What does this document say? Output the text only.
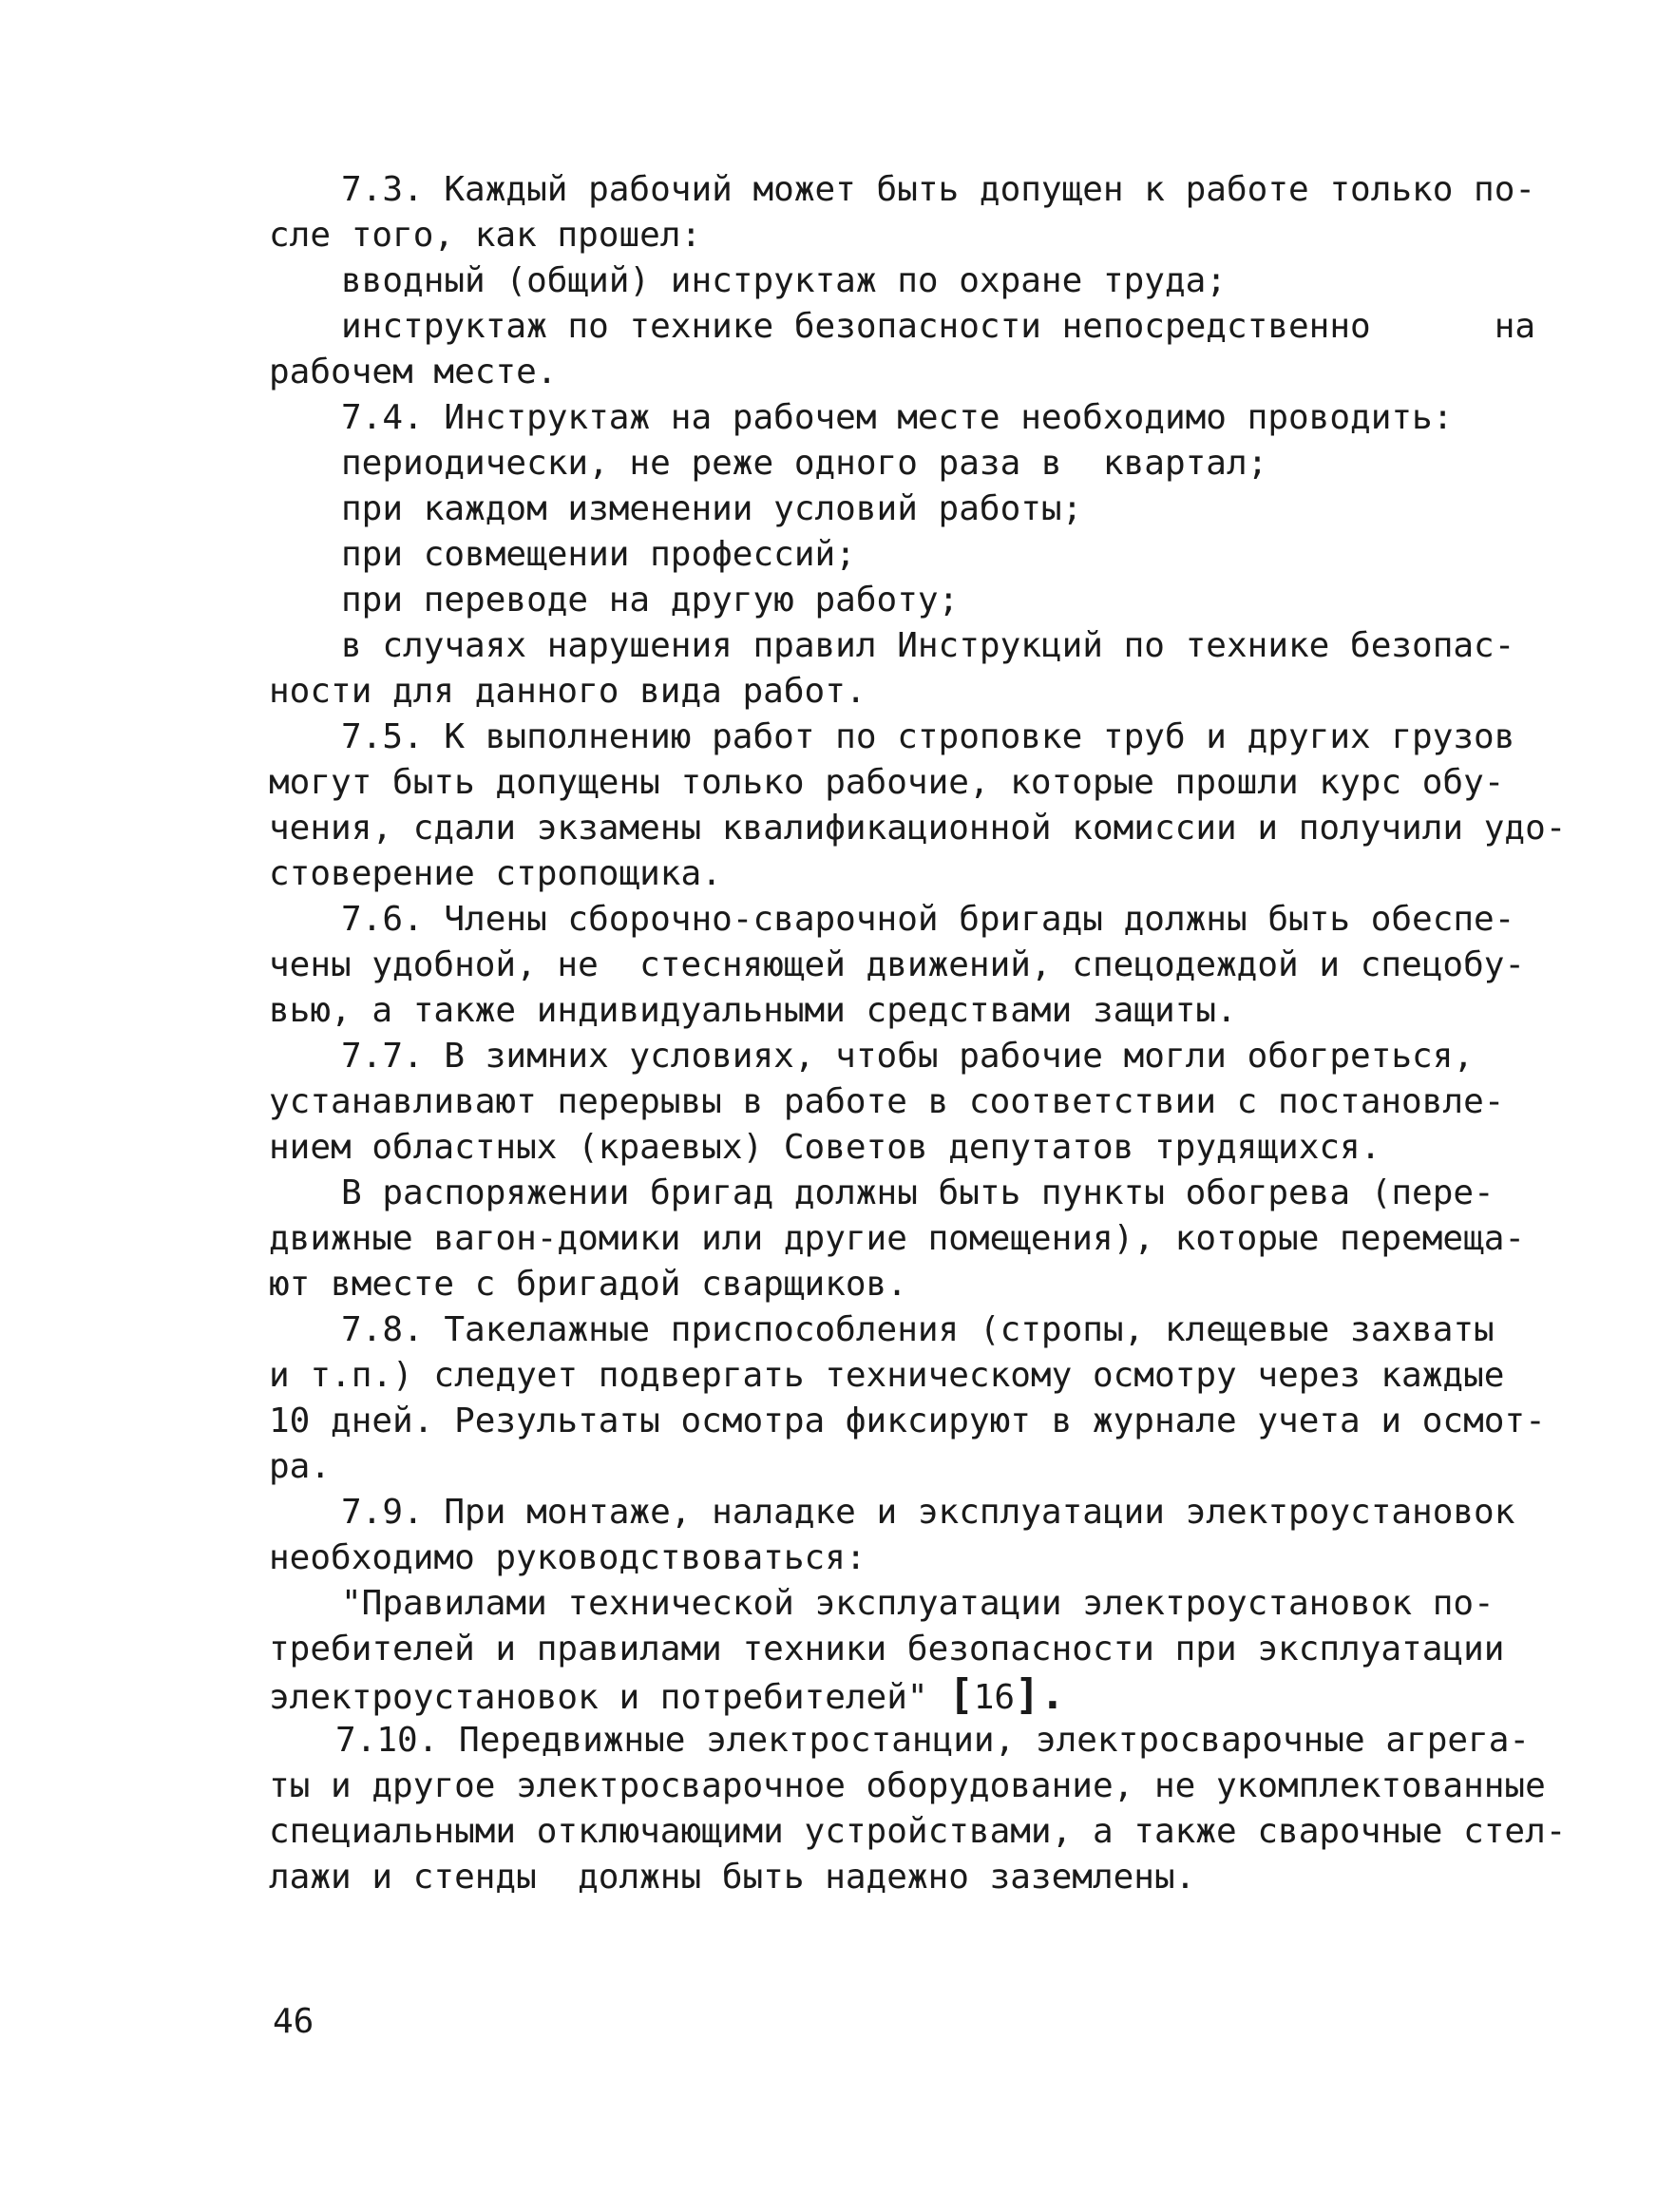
7.3. Каждый рабочий может быть допущен к работе только по-
сле того, как прошел:
вводный (общий) инструктаж по охране труда;
инструктаж по технике безопасности непосредственно      на
рабочем месте.
7.4. Инструктаж на рабочем месте необходимо проводить:
периодически, не реже одного раза в  квартал;
при каждом изменении условий работы;
при совмещении профессий;
при переводе на другую работу;
в случаях нарушения правил Инструкций по технике безопас-
ности для данного вида работ.
7.5. К выполнению работ по строповке труб и других грузов
могут быть допущены только рабочие, которые прошли курс обу-
чения, сдали экзамены квалификационной комиссии и получили удо-
стоверение стропощика.
7.6. Члены сборочно-сварочной бригады должны быть обеспе-
чены удобной, не  стесняющей движений, спецодеждой и спецобу-
вью, а также индивидуальными средствами защиты.
7.7. В зимних условиях, чтобы рабочие могли обогреться,
устанавливают перерывы в работе в соответствии с постановле-
нием областных (краевых) Советов депутатов трудящихся.
В распоряжении бригад должны быть пункты обогрева (пере-
движные вагон-домики или другие помещения), которые перемеща-
ют вместе с бригадой сварщиков.
7.8. Такелажные приспособления (стропы, клещевые захваты
и т.п.) следует подвергать техническому осмотру через каждые
10 дней. Результаты осмотра фиксируют в журнале учета и осмот-
ра.
7.9. При монтаже, наладке и эксплуатации электроустановок
необходимо руководствоваться:
"Правилами технической эксплуатации электроустановок по-
требителей и правилами техники безопасности при эксплуатации
электроустановок и потребителей" [16].
7.10. Передвижные электростанции, электросварочные агрега-
ты и другое электросварочное оборудование, не укомплектованные
специальными отключающими устройствами, а также сварочные стел-
лажи и стенды  должны быть надежно заземлены.
46
